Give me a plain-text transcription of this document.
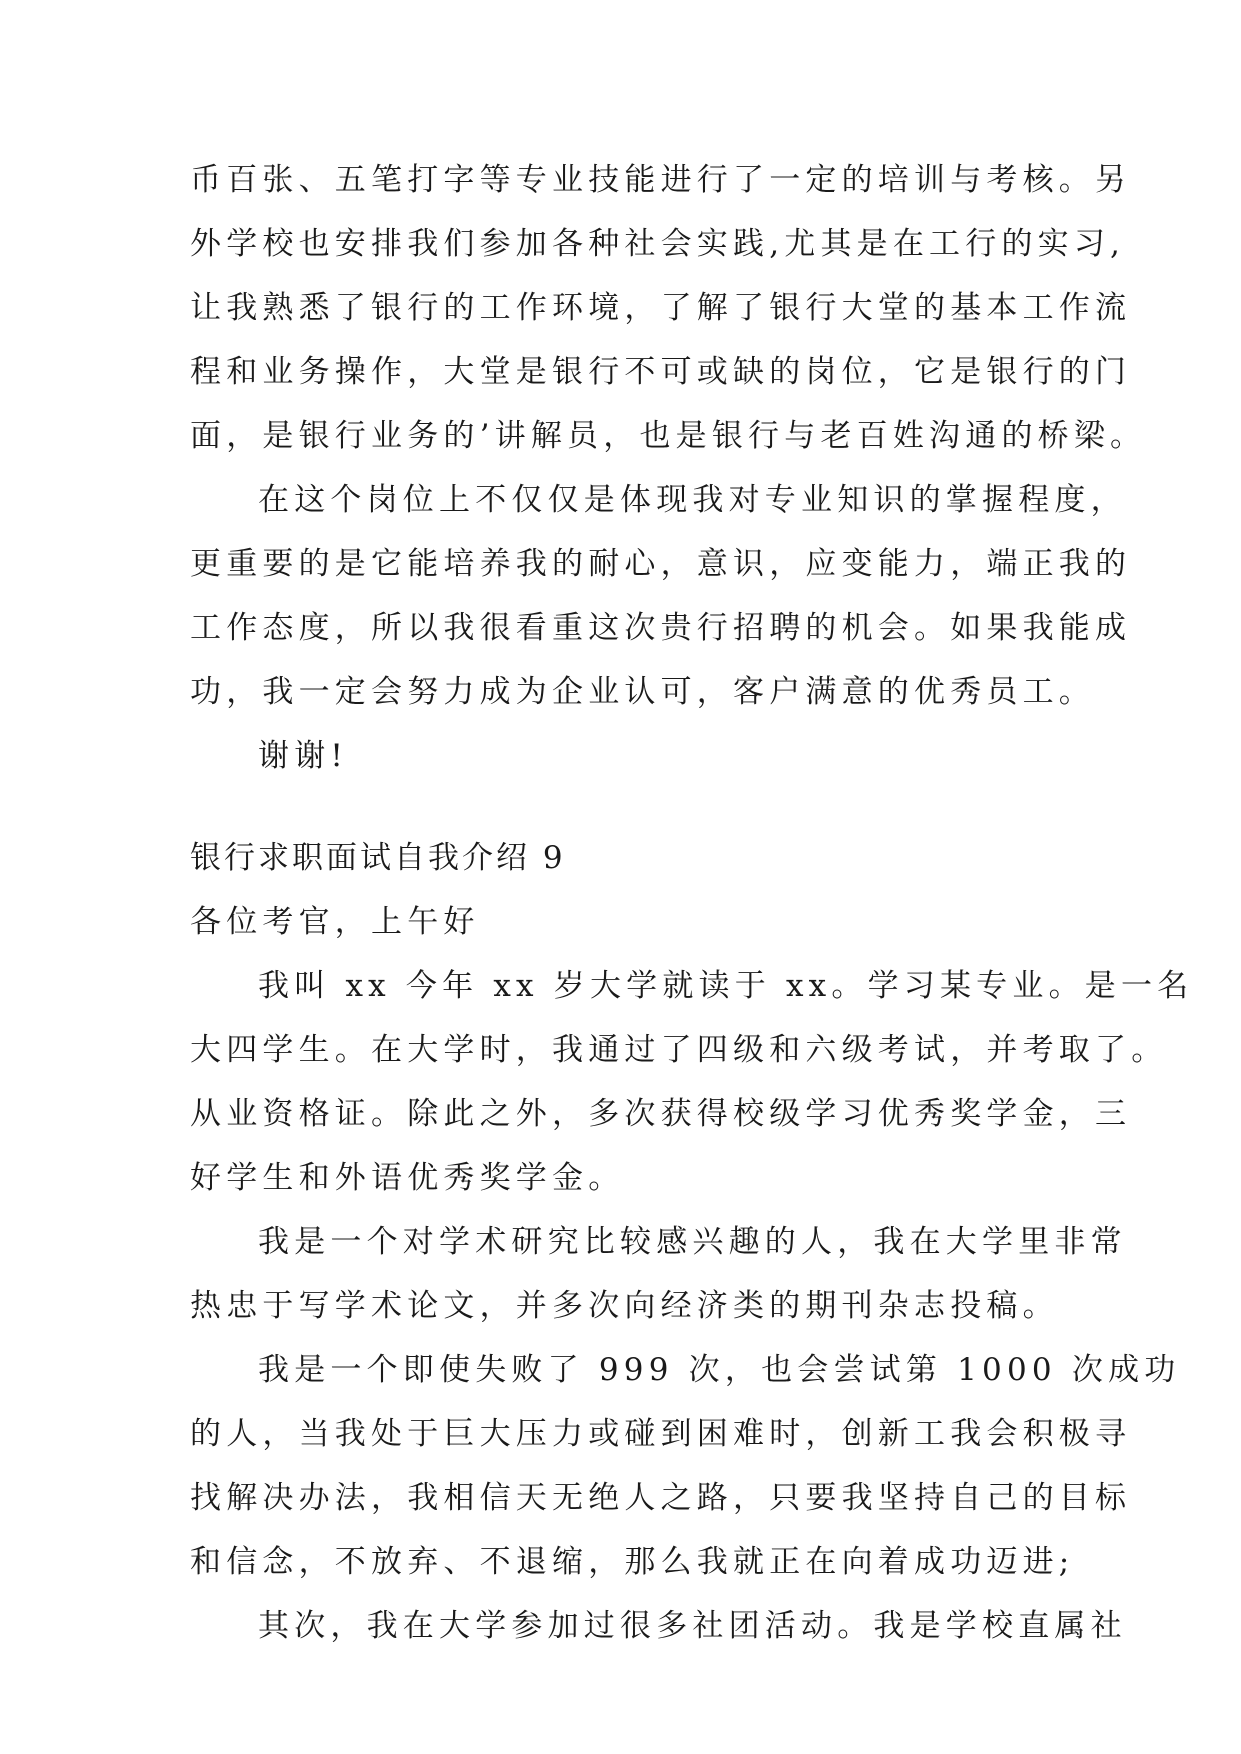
币百张、五笔打字等专业技能进行了一定的培训与考核。另
外学校也安排我们参加各种社会实践,尤其是在工行的实习,
让我熟悉了银行的工作环境，了解了银行大堂的基本工作流
程和业务操作，大堂是银行不可或缺的岗位，它是银行的门
面，是银行业务的’讲解员，也是银行与老百姓沟通的桥梁。
在这个岗位上不仅仅是体现我对专业知识的掌握程度，
更重要的是它能培养我的耐心，意识，应变能力，端正我的
工作态度，所以我很看重这次贵行招聘的机会。如果我能成
功，我一定会努力成为企业认可，客户满意的优秀员工。
谢谢!
银行求职面试自我介绍 9
各位考官，上午好
我叫 xx 今年 xx 岁大学就读于 xx。学习某专业。是一名
大四学生。在大学时，我通过了四级和六级考试，并考取了。
从业资格证。除此之外，多次获得校级学习优秀奖学金，三
好学生和外语优秀奖学金。
我是一个对学术研究比较感兴趣的人，我在大学里非常
热忠于写学术论文，并多次向经济类的期刊杂志投稿。
我是一个即使失败了 999 次，也会尝试第 1000 次成功
的人，当我处于巨大压力或碰到困难时，创新工我会积极寻
找解决办法，我相信天无绝人之路，只要我坚持自己的目标
和信念，不放弃、不退缩，那么我就正在向着成功迈进;
其次，我在大学参加过很多社团活动。我是学校直属社
